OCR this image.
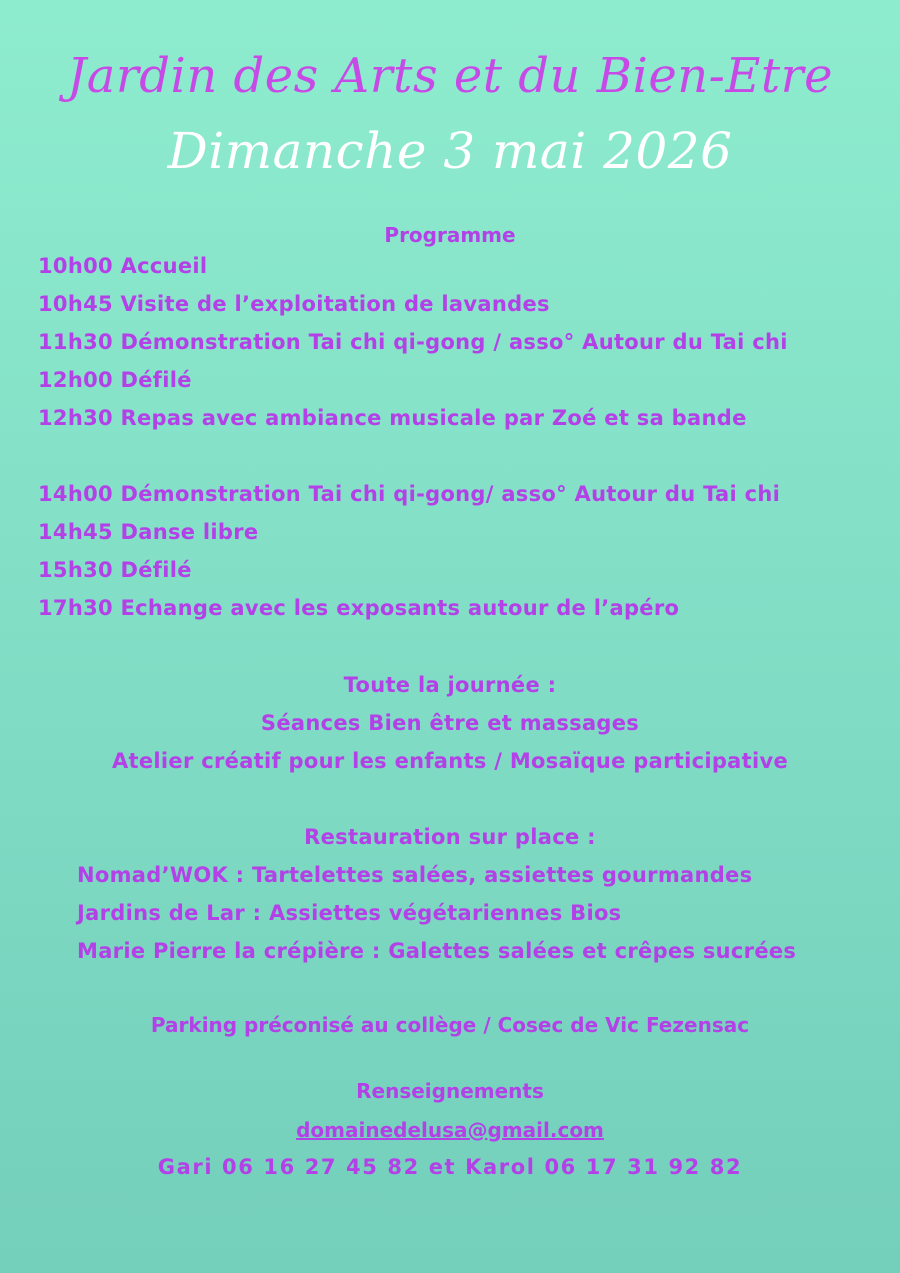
Jardin des Arts et du Bien-Etre
Dimanche 3 mai 2026
Programme
10h00 Accueil
10h45 Visite de l’exploitation de lavandes
11h30 Démonstration Tai chi qi-gong / asso° Autour du Tai chi
12h00 Défilé
12h30 Repas avec ambiance musicale par Zoé et sa bande
14h00 Démonstration Tai chi qi-gong/ asso° Autour du Tai chi
14h45 Danse libre
15h30 Défilé
17h30 Echange avec les exposants autour de l’apéro
Toute la journée :
Séances Bien être et massages
Atelier créatif pour les enfants / Mosaïque participative
Restauration sur place :
Nomad’WOK : Tartelettes salées, assiettes gourmandes
Jardins de Lar : Assiettes végétariennes Bios
Marie Pierre la crépière : Galettes salées et crêpes sucrées
Parking préconisé au collège / Cosec de Vic Fezensac
Renseignements
domainedelusa@gmail.com
Gari 06 16 27 45 82 et Karol 06 17 31 92 82
